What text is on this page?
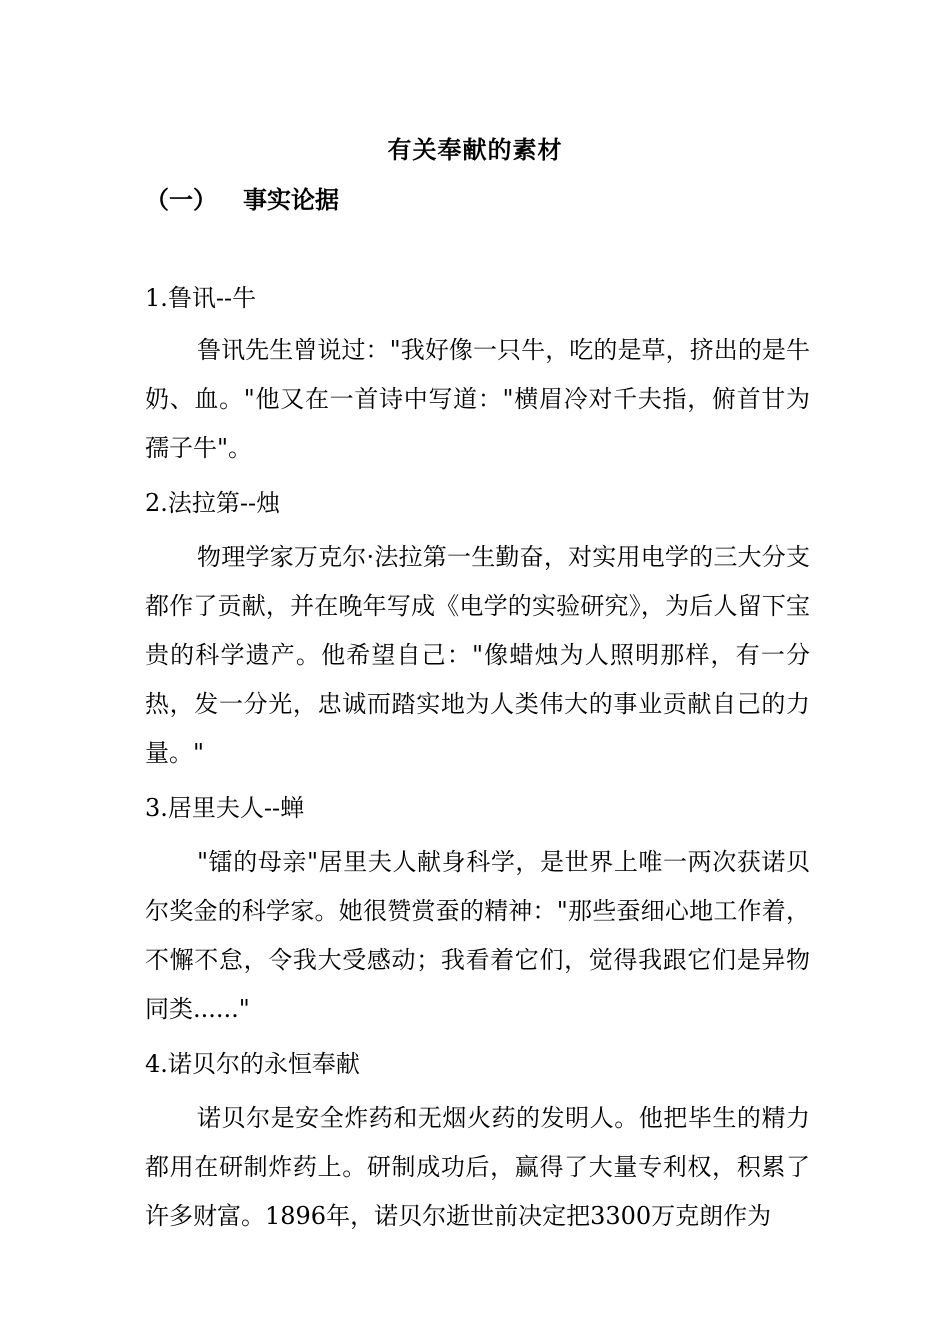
有关奉献的素材
（一） 事实论据
1.鲁讯--牛

鲁讯先生曾说过："我好像一只牛，吃的是草，挤出的是牛奶、血。"他又在一首诗中写道："横眉冷对千夫指，俯首甘为孺子牛"。

2.法拉第--烛

物理学家万克尔·法拉第一生勤奋，对实用电学的三大分支都作了贡献，并在晚年写成《电学的实验研究》，为后人留下宝贵的科学遗产。他希望自己："像蜡烛为人照明那样，有一分热，发一分光，忠诚而踏实地为人类伟大的事业贡献自己的力量。"

3.居里夫人--蝉

"镭的母亲"居里夫人献身科学，是世界上唯一两次获诺贝尔奖金的科学家。她很赞赏蚕的精神："那些蚕细心地工作着，不懈不怠，令我大受感动；我看着它们，觉得我跟它们是异物同类......"

4.诺贝尔的永恒奉献

诺贝尔是安全炸药和无烟火药的发明人。他把毕生的精力都用在研制炸药上。研制成功后，赢得了大量专利权，积累了许多财富。1896年，诺贝尔逝世前决定把3300万克朗作为
